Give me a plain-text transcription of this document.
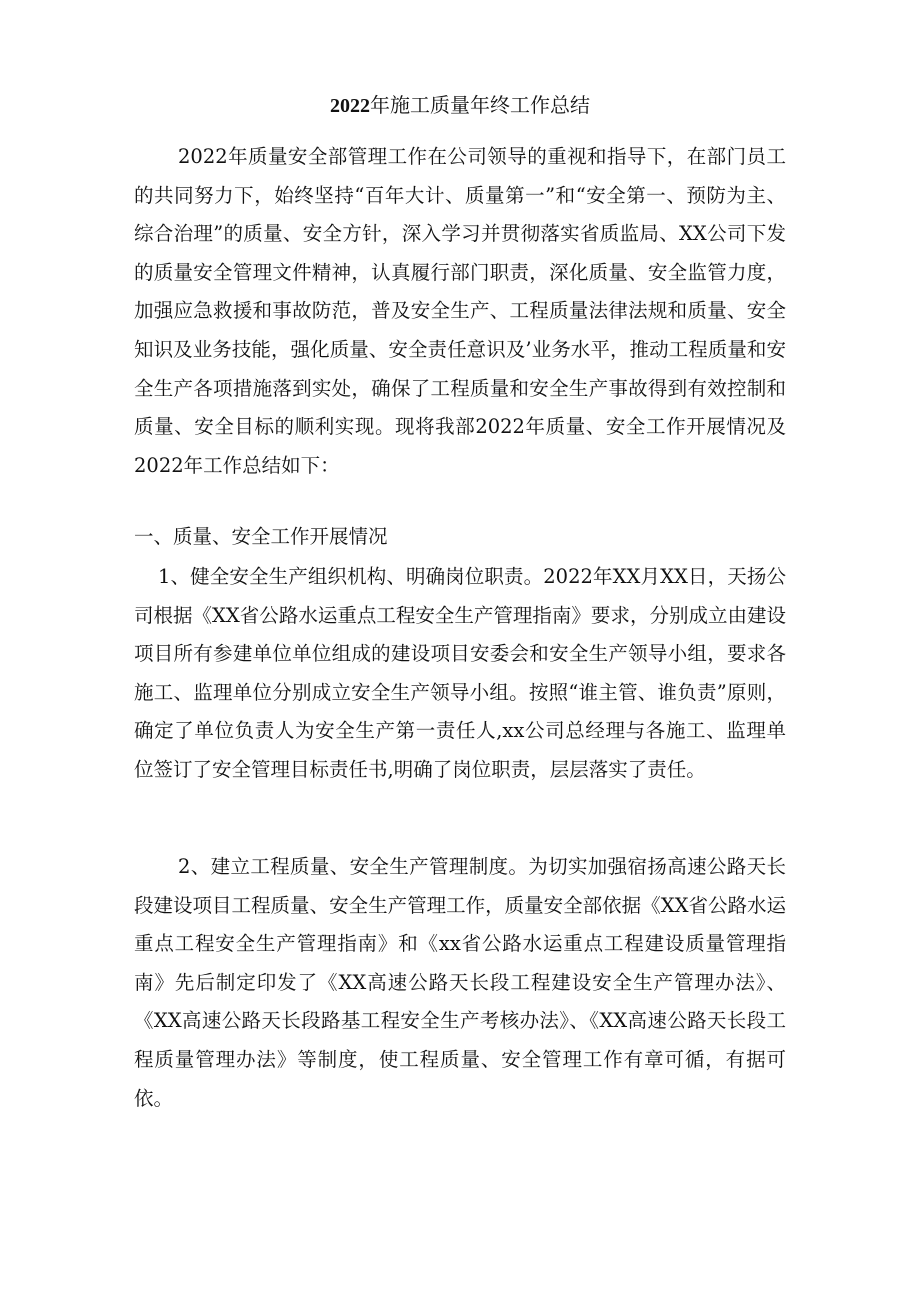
2022年施工质量年终工作总结

2022年质量安全部管理工作在公司领导的重视和指导下，在部门员工的共同努力下，始终坚持“百年大计、质量第一”和“安全第一、预防为主、综合治理”的质量、安全方针，深入学习并贯彻落实省质监局、XX公司下发的质量安全管理文件精神，认真履行部门职责，深化质量、安全监管力度，加强应急救援和事故防范，普及安全生产、工程质量法律法规和质量、安全知识及业务技能，强化质量、安全责任意识及’业务水平，推动工程质量和安全生产各项措施落到实处，确保了工程质量和安全生产事故得到有效控制和质量、安全目标的顺利实现。现将我部2022年质量、安全工作开展情况及2022年工作总结如下：

一、质量、安全工作开展情况

1、健全安全生产组织机构、明确岗位职责。2022年XX月XX日，天扬公司根据《XX省公路水运重点工程安全生产管理指南》要求，分别成立由建设项目所有参建单位单位组成的建设项目安委会和安全生产领导小组，要求各施工、监理单位分别成立安全生产领导小组。按照“谁主管、谁负责”原则，确定了单位负责人为安全生产第一责任人,xx公司总经理与各施工、监理单位签订了安全管理目标责任书,明确了岗位职责，层层落实了责任。

2、建立工程质量、安全生产管理制度。为切实加强宿扬高速公路天长段建设项目工程质量、安全生产管理工作，质量安全部依据《XX省公路水运重点工程安全生产管理指南》和《xx省公路水运重点工程建设质量管理指南》先后制定印发了《XX高速公路天长段工程建设安全生产管理办法》、《XX高速公路天长段路基工程安全生产考核办法》、《XX高速公路天长段工程质量管理办法》等制度，使工程质量、安全管理工作有章可循，有据可依。
